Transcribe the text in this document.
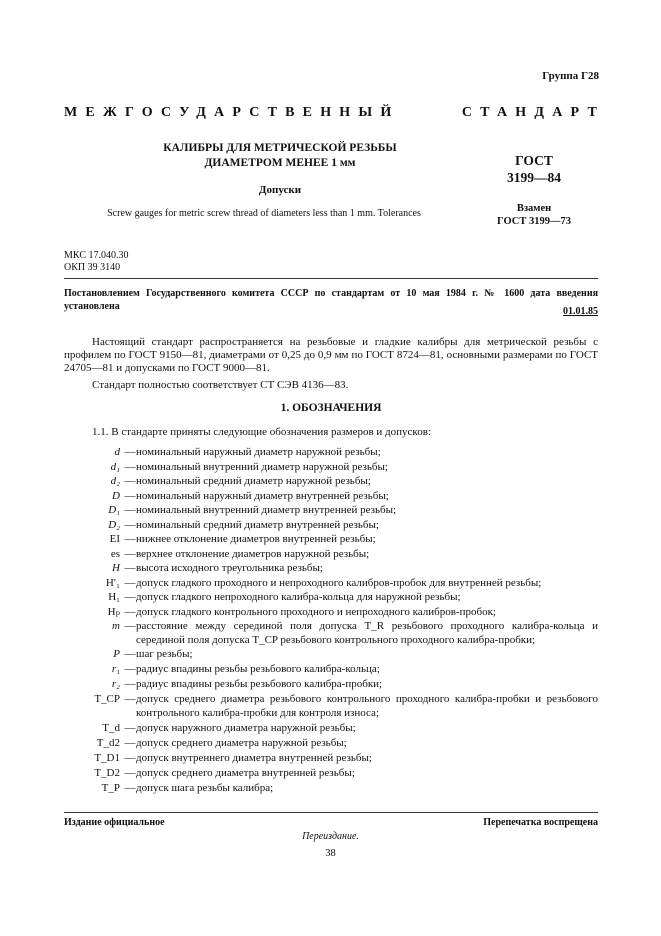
Группа Г28
МЕЖГОСУДАРСТВЕННЫЙ	СТАНДАРТ
КАЛИБРЫ ДЛЯ МЕТРИЧЕСКОЙ РЕЗЬБЫ
ДИАМЕТРОМ МЕНЕЕ 1 мм	ГОСТ
3199—84
Допуски
Screw gauges for metric screw thread of diameters less than 1 mm. Tolerances	Взамен
ГОСТ 3199—73
МКС 17.040.30
ОКП 39 3140
Постановлением Государственного комитета СССР по стандартам от 10 мая 1984 г. № 1600 дата введения установлена	01.01.85
Настоящий стандарт распространяется на резьбовые и гладкие калибры для метрической резьбы с профилем по ГОСТ 9150—81, диаметрами от 0,25 до 0,9 мм по ГОСТ 8724—81, основными размерами по ГОСТ 24705—81 и допусками по ГОСТ 9000—81.
Стандарт полностью соответствует СТ СЭВ 4136—83.
1. ОБОЗНАЧЕНИЯ
1.1. В стандарте приняты следующие обозначения размеров и допусков:
d — номинальный наружный диаметр наружной резьбы;
d₁ — номинальный внутренний диаметр наружной резьбы;
d₂ — номинальный средний диаметр наружной резьбы;
D — номинальный наружный диаметр внутренней резьбы;
D₁ — номинальный внутренний диаметр внутренней резьбы;
D₂ — номинальный средний диаметр внутренней резьбы;
EI — нижнее отклонение диаметров внутренней резьбы;
es — верхнее отклонение диаметров наружной резьбы;
H — высота исходного треугольника резьбы;
H′₁ — допуск гладкого проходного и непроходного калибров-пробок для внутренней резьбы;
H₁ — допуск гладкого непроходного калибра-кольца для наружной резьбы;
Hₚ — допуск гладкого контрольного проходного и непроходного калибров-пробок;
m — расстояние между серединой поля допуска T_R резьбового проходного калибра-кольца и серединой поля допуска T_CP резьбового контрольного проходного калибра-пробки;
P — шаг резьбы;
r₁ — радиус впадины резьбы резьбового калибра-кольца;
r₂ — радиус впадины резьбы резьбового калибра-пробки;
T_CP — допуск среднего диаметра резьбового контрольного проходного калибра-пробки и резьбового контрольного калибра-пробки для контроля износа;
T_d — допуск наружного диаметра наружной резьбы;
T_d2 — допуск среднего диаметра наружной резьбы;
T_D1 — допуск внутреннего диаметра внутренней резьбы;
T_D2 — допуск среднего диаметра внутренней резьбы;
T_P — допуск шага резьбы калибра;
Издание официальное	Перепечатка воспрещена
Переиздание.
38
